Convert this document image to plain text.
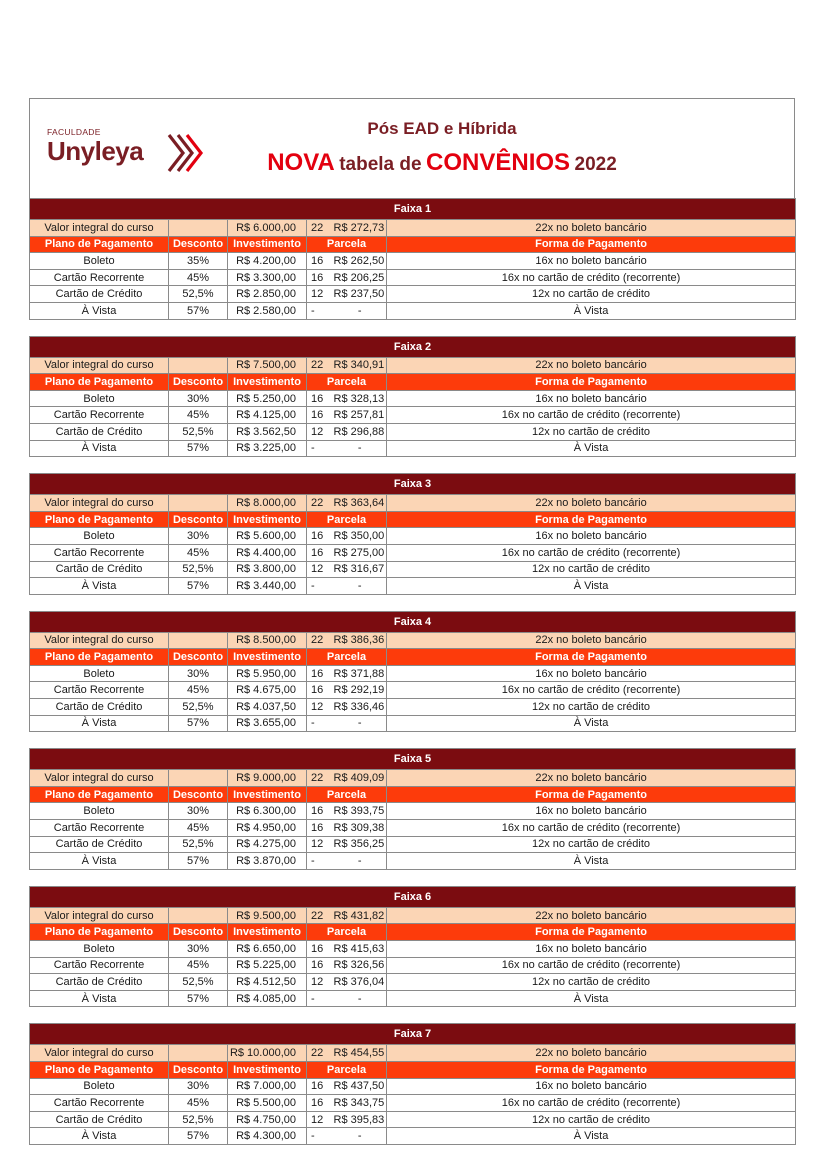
FACULDADE
Unyleya
Pós EAD e Híbrida
NOVA tabela de CONVÊNIOS 2022
Faixa 1					
Valor integral do curso		R$ 6.000,00	22	R$ 272,73	22x no boleto bancário
Plano de Pagamento	Desconto	Investimento	Parcela		Forma de Pagamento
Boleto	35%	R$ 4.200,00	16	R$ 262,50	16x no boleto bancário
Cartão Recorrente	45%	R$ 3.300,00	16	R$ 206,25	16x no cartão de crédito (recorrente)
Cartão de Crédito	52,5%	R$ 2.850,00	12	R$ 237,50	12x no cartão de crédito
À Vista	57%	R$ 2.580,00	-	-	À Vista
Faixa 2					
Valor integral do curso		R$ 7.500,00	22	R$ 340,91	22x no boleto bancário
Plano de Pagamento	Desconto	Investimento	Parcela		Forma de Pagamento
Boleto	30%	R$ 5.250,00	16	R$ 328,13	16x no boleto bancário
Cartão Recorrente	45%	R$ 4.125,00	16	R$ 257,81	16x no cartão de crédito (recorrente)
Cartão de Crédito	52,5%	R$ 3.562,50	12	R$ 296,88	12x no cartão de crédito
À Vista	57%	R$ 3.225,00	-	-	À Vista
Faixa 3					
Valor integral do curso		R$ 8.000,00	22	R$ 363,64	22x no boleto bancário
Plano de Pagamento	Desconto	Investimento	Parcela		Forma de Pagamento
Boleto	30%	R$ 5.600,00	16	R$ 350,00	16x no boleto bancário
Cartão Recorrente	45%	R$ 4.400,00	16	R$ 275,00	16x no cartão de crédito (recorrente)
Cartão de Crédito	52,5%	R$ 3.800,00	12	R$ 316,67	12x no cartão de crédito
À Vista	57%	R$ 3.440,00	-	-	À Vista
Faixa 4					
Valor integral do curso		R$ 8.500,00	22	R$ 386,36	22x no boleto bancário
Plano de Pagamento	Desconto	Investimento	Parcela		Forma de Pagamento
Boleto	30%	R$ 5.950,00	16	R$ 371,88	16x no boleto bancário
Cartão Recorrente	45%	R$ 4.675,00	16	R$ 292,19	16x no cartão de crédito (recorrente)
Cartão de Crédito	52,5%	R$ 4.037,50	12	R$ 336,46	12x no cartão de crédito
À Vista	57%	R$ 3.655,00	-	-	À Vista
Faixa 5					
Valor integral do curso		R$ 9.000,00	22	R$ 409,09	22x no boleto bancário
Plano de Pagamento	Desconto	Investimento	Parcela		Forma de Pagamento
Boleto	30%	R$ 6.300,00	16	R$ 393,75	16x no boleto bancário
Cartão Recorrente	45%	R$ 4.950,00	16	R$ 309,38	16x no cartão de crédito (recorrente)
Cartão de Crédito	52,5%	R$ 4.275,00	12	R$ 356,25	12x no cartão de crédito
À Vista	57%	R$ 3.870,00	-	-	À Vista
Faixa 6					
Valor integral do curso		R$ 9.500,00	22	R$ 431,82	22x no boleto bancário
Plano de Pagamento	Desconto	Investimento	Parcela		Forma de Pagamento
Boleto	30%	R$ 6.650,00	16	R$ 415,63	16x no boleto bancário
Cartão Recorrente	45%	R$ 5.225,00	16	R$ 326,56	16x no cartão de crédito (recorrente)
Cartão de Crédito	52,5%	R$ 4.512,50	12	R$ 376,04	12x no cartão de crédito
À Vista	57%	R$ 4.085,00	-	-	À Vista
Faixa 7					
Valor integral do curso		R$ 10.000,00	22	R$ 454,55	22x no boleto bancário
Plano de Pagamento	Desconto	Investimento	Parcela		Forma de Pagamento
Boleto	30%	R$ 7.000,00	16	R$ 437,50	16x no boleto bancário
Cartão Recorrente	45%	R$ 5.500,00	16	R$ 343,75	16x no cartão de crédito (recorrente)
Cartão de Crédito	52,5%	R$ 4.750,00	12	R$ 395,83	12x no cartão de crédito
À Vista	57%	R$ 4.300,00	-	-	À Vista
